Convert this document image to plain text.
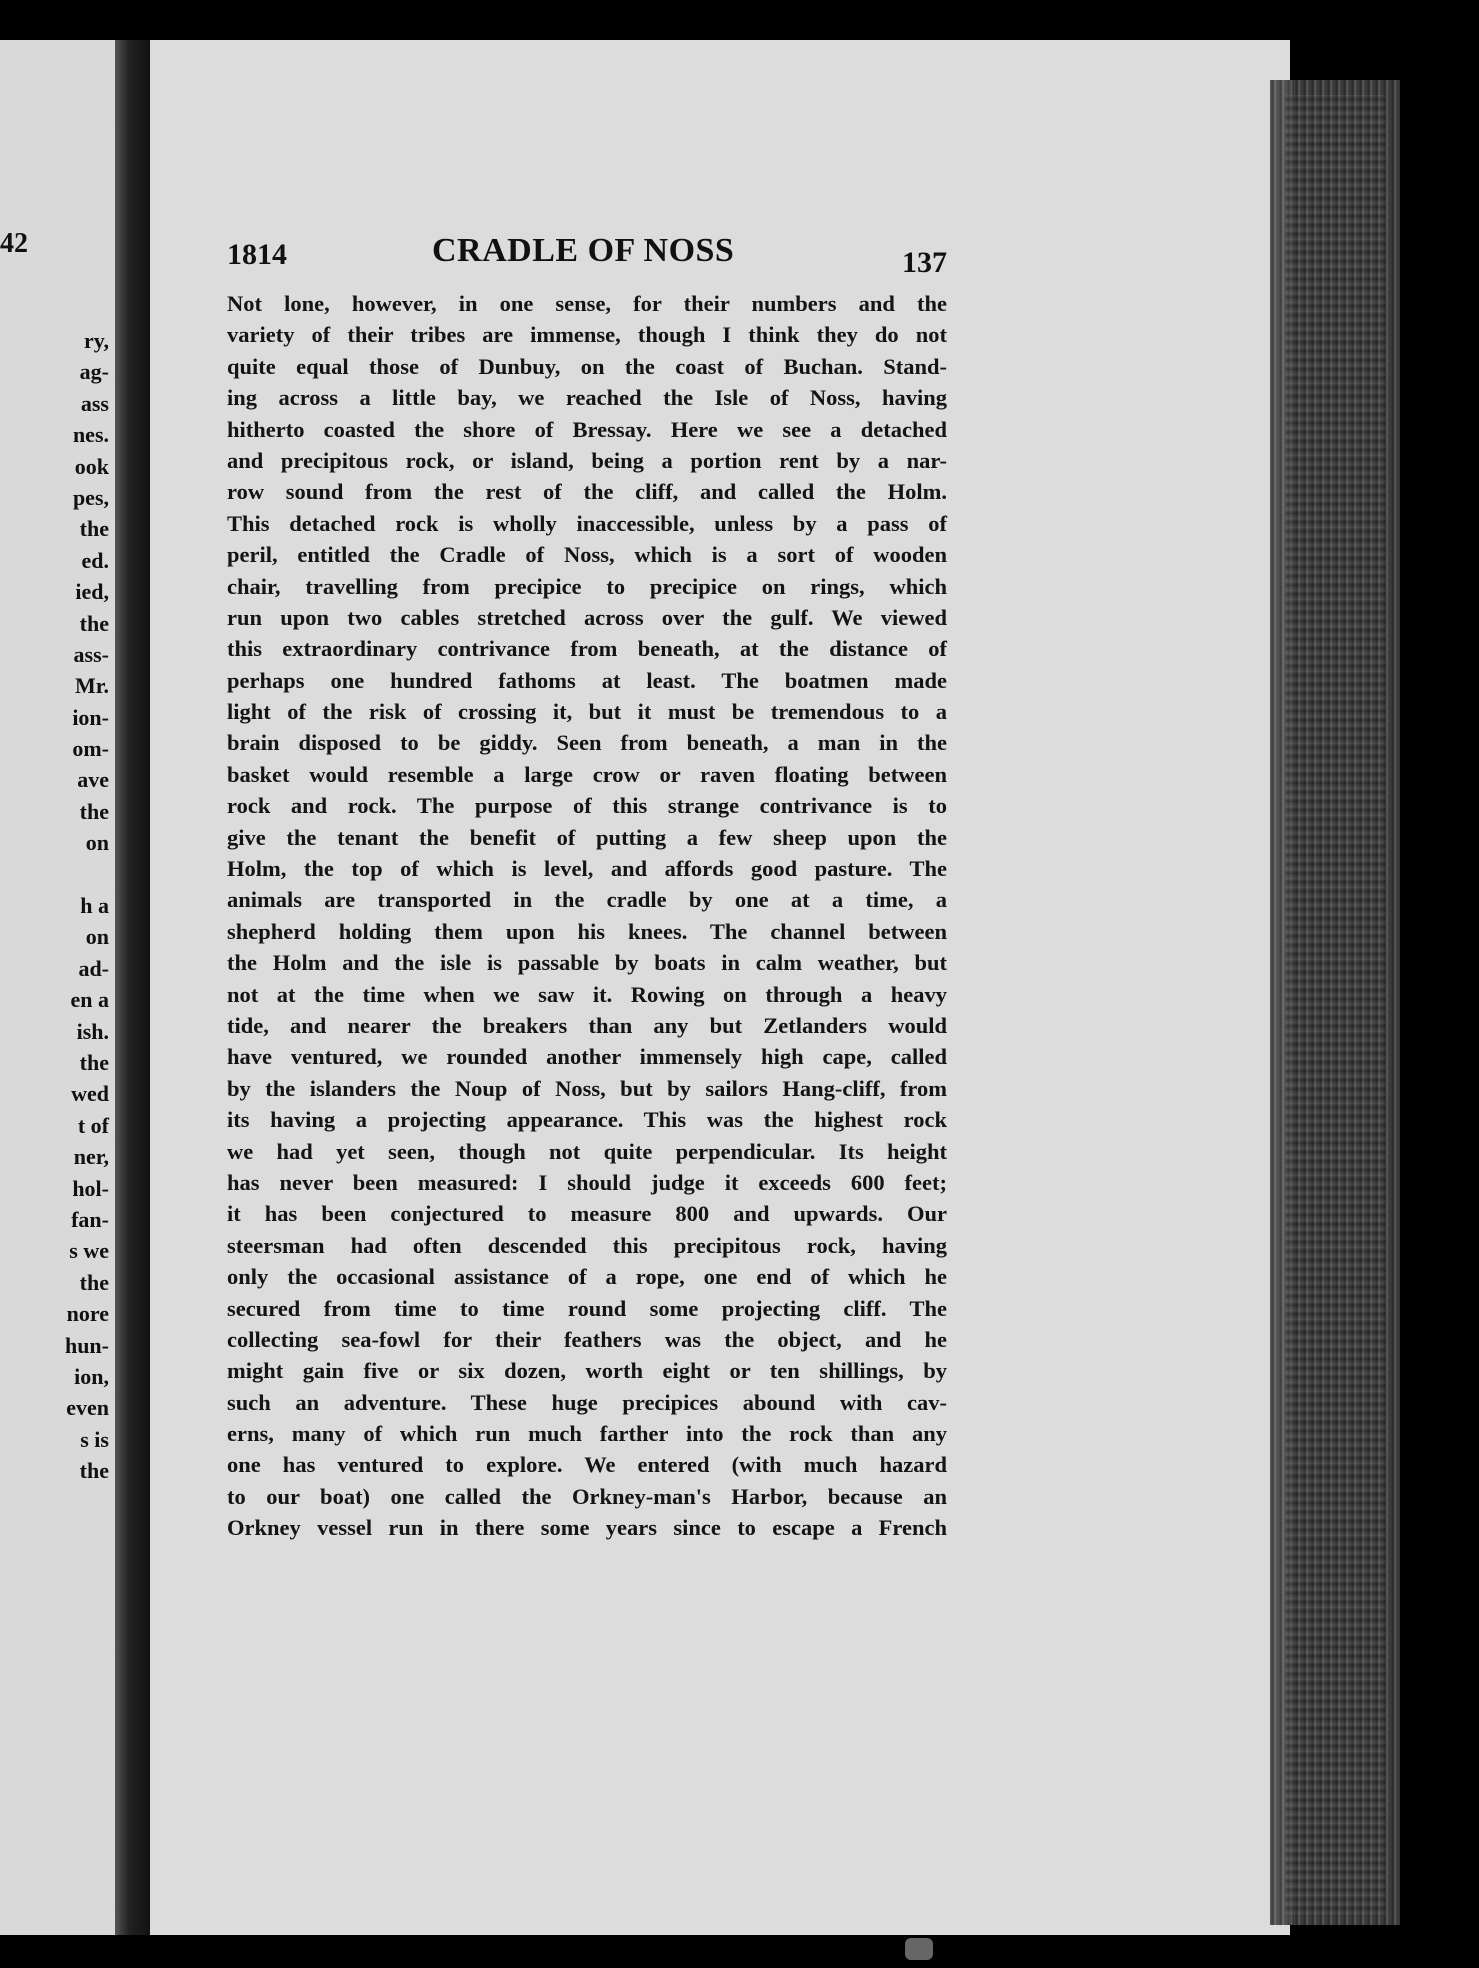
42
ry,
ag-
ass
nes.
ook
pes,
the
ed.
ied,
the
ass-
Mr.
ion-
om-
ave
the
on
h a
on
ad-
en a
ish.
the
wed
t of
ner,
hol-
fan-
s we
the
nore
hun-
ion,
even
s is
the
1814	CRADLE OF NOSS	137
Not lone, however, in one sense, for their numbers and the
variety of their tribes are immense, though I think they do not
quite equal those of Dunbuy, on the coast of Buchan. Stand-
ing across a little bay, we reached the Isle of Noss, having
hitherto coasted the shore of Bressay. Here we see a detached
and precipitous rock, or island, being a portion rent by a nar-
row sound from the rest of the cliff, and called the Holm.
This detached rock is wholly inaccessible, unless by a pass of
peril, entitled the Cradle of Noss, which is a sort of wooden
chair, travelling from precipice to precipice on rings, which
run upon two cables stretched across over the gulf. We viewed
this extraordinary contrivance from beneath, at the distance of
perhaps one hundred fathoms at least. The boatmen made
light of the risk of crossing it, but it must be tremendous to a
brain disposed to be giddy. Seen from beneath, a man in the
basket would resemble a large crow or raven floating between
rock and rock. The purpose of this strange contrivance is to
give the tenant the benefit of putting a few sheep upon the
Holm, the top of which is level, and affords good pasture. The
animals are transported in the cradle by one at a time, a
shepherd holding them upon his knees. The channel between
the Holm and the isle is passable by boats in calm weather, but
not at the time when we saw it. Rowing on through a heavy
tide, and nearer the breakers than any but Zetlanders would
have ventured, we rounded another immensely high cape, called
by the islanders the Noup of Noss, but by sailors Hang-cliff, from
its having a projecting appearance. This was the highest rock
we had yet seen, though not quite perpendicular. Its height
has never been measured: I should judge it exceeds 600 feet;
it has been conjectured to measure 800 and upwards. Our
steersman had often descended this precipitous rock, having
only the occasional assistance of a rope, one end of which he
secured from time to time round some projecting cliff. The
collecting sea-fowl for their feathers was the object, and he
might gain five or six dozen, worth eight or ten shillings, by
such an adventure. These huge precipices abound with cav-
erns, many of which run much farther into the rock than any
one has ventured to explore. We entered (with much hazard
to our boat) one called the Orkney-man's Harbor, because an
Orkney vessel run in there some years since to escape a French
